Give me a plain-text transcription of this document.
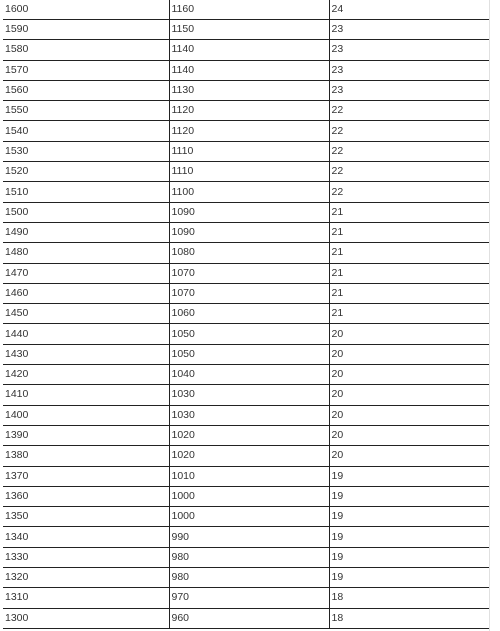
1600	1160	24
1590	1150	23
1580	1140	23
1570	1140	23
1560	1130	23
1550	1120	22
1540	1120	22
1530	1110	22
1520	1110	22
1510	1100	22
1500	1090	21
1490	1090	21
1480	1080	21
1470	1070	21
1460	1070	21
1450	1060	21
1440	1050	20
1430	1050	20
1420	1040	20
1410	1030	20
1400	1030	20
1390	1020	20
1380	1020	20
1370	1010	19
1360	1000	19
1350	1000	19
1340	990	19
1330	980	19
1320	980	19
1310	970	18
1300	960	18
